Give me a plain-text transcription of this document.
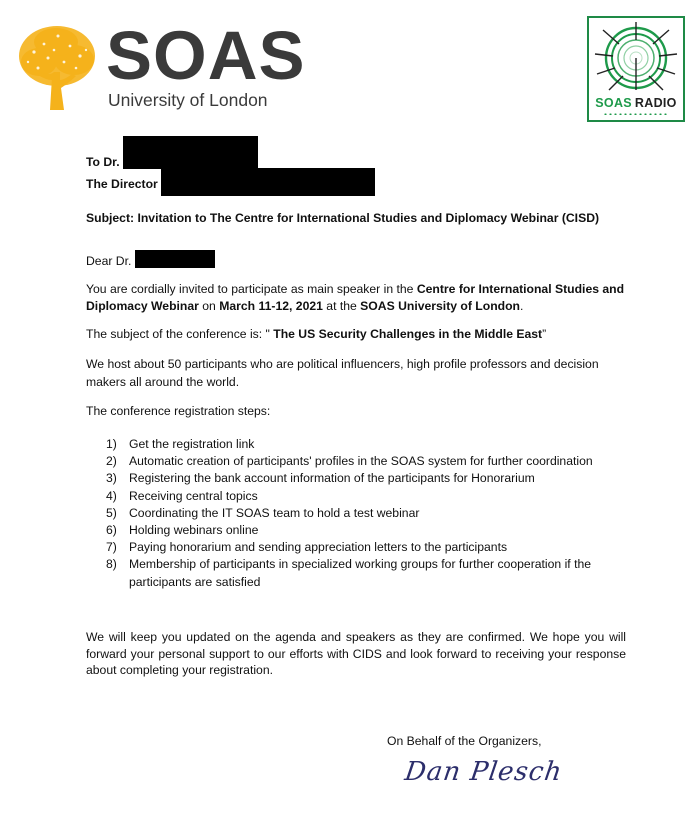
SOAS
University of London	SOAS RADIO
To Dr.
The Director
Subject: Invitation to The Centre for International Studies and Diplomacy Webinar (CISD)
Dear Dr.
You are cordially invited to participate as main speaker in the Centre for International Studies and Diplomacy Webinar on March 11-12, 2021 at the SOAS University of London.
The subject of the conference is: " The US Security Challenges in the Middle East”
We host about 50 participants who are political influencers, high profile professors and decision makers all around the world.
The conference registration steps:
1) Get the registration link
2) Automatic creation of participants' profiles in the SOAS system for further coordination
3) Registering the bank account information of the participants for Honorarium
4) Receiving central topics
5) Coordinating the IT SOAS team to hold a test webinar
6) Holding webinars online
7) Paying honorarium and sending appreciation letters to the participants
8) Membership of participants in specialized working groups for further cooperation if the participants are satisfied
We will keep you updated on the agenda and speakers as they are confirmed. We hope you will forward your personal support to our efforts with CIDS and look forward to receiving your response about completing your registration.
On Behalf of the Organizers,
Dan Plesch
